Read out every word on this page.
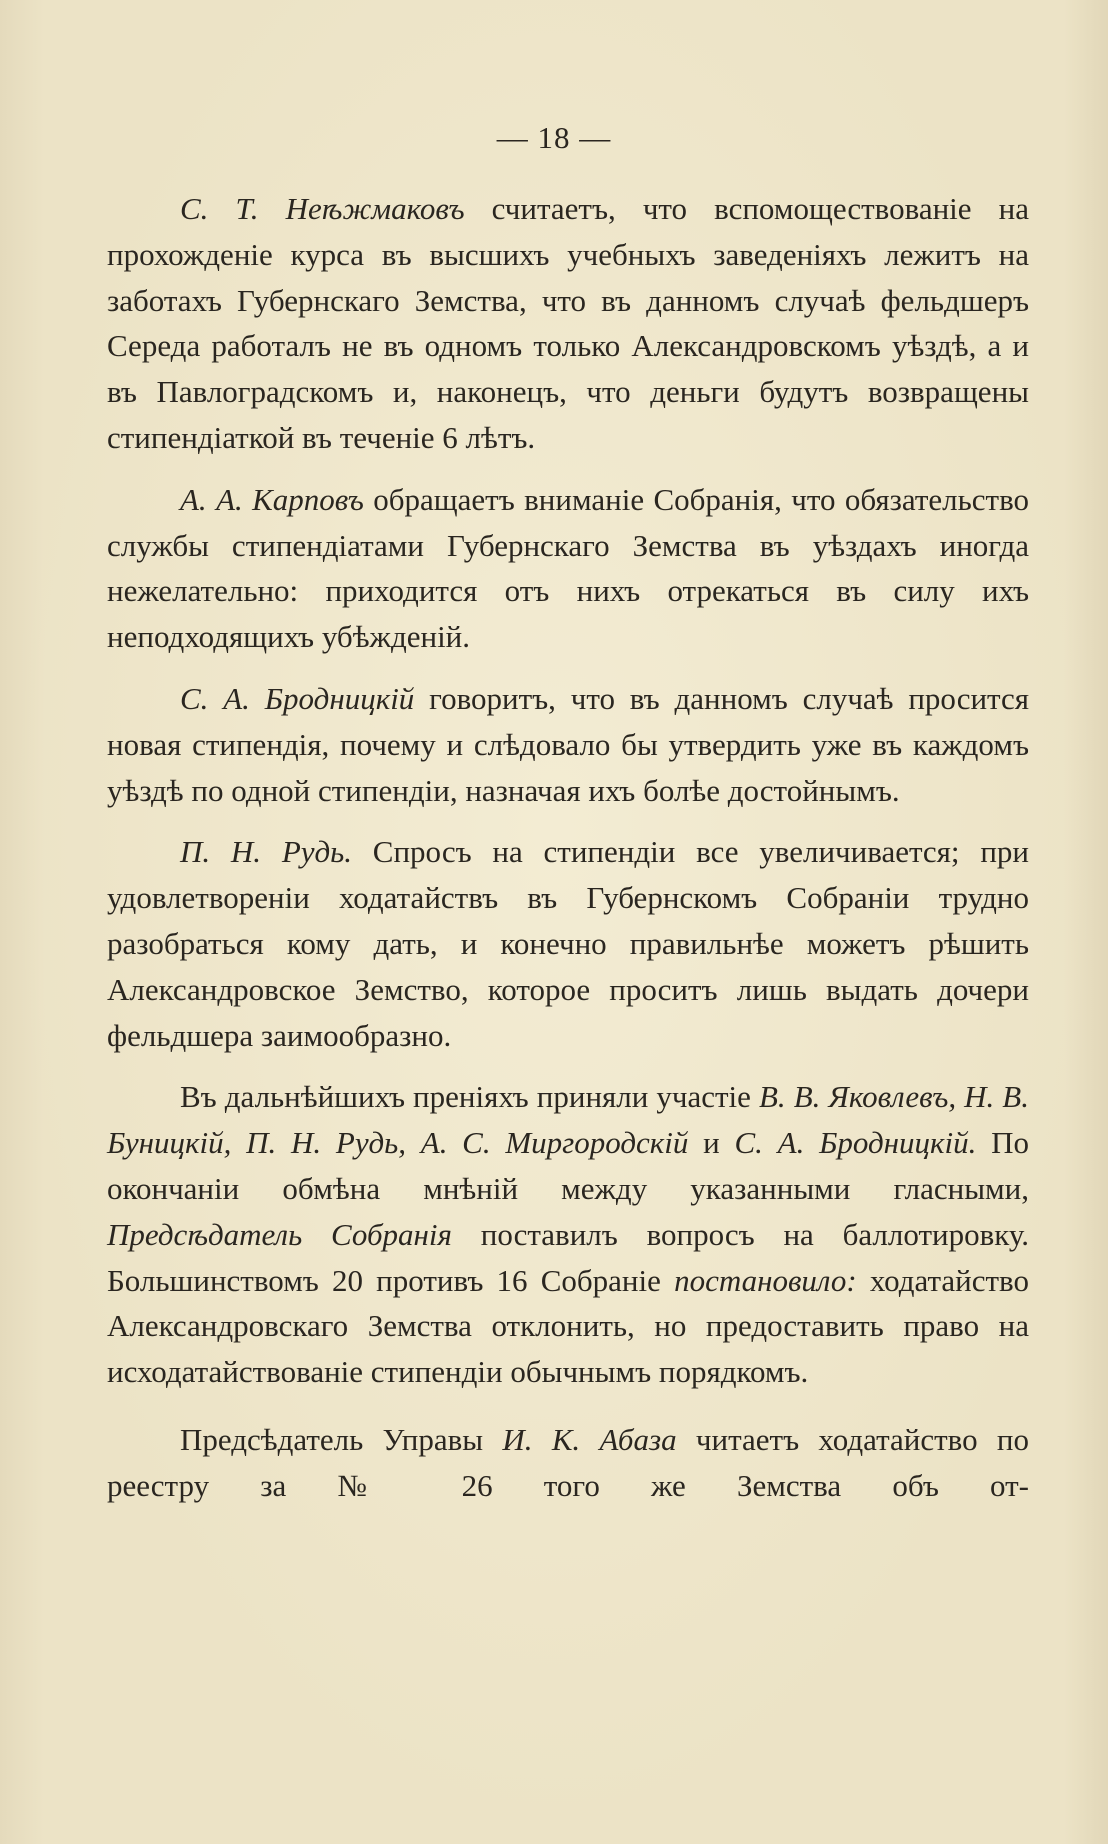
— 18 —

С. Т. Неѣжмаковъ считаетъ, что вспомоществованіе на прохожденіе курса въ высшихъ учебныхъ заведеніяхъ лежитъ на заботахъ Губернскаго Земства, что въ данномъ случаѣ фельдшеръ Середа работалъ не въ одномъ только Александровскомъ уѣздѣ, а и въ Павлоградскомъ и, наконецъ, что деньги будутъ возвращены стипендіаткой въ теченіе 6 лѣтъ.

А. А. Карповъ обращаетъ вниманіе Собранія, что обязательство службы стипендіатами Губернскаго Земства въ уѣздахъ иногда нежелательно: приходится отъ нихъ отрекаться въ силу ихъ неподходящихъ убѣжденій.

С. А. Бродницкій говоритъ, что въ данномъ случаѣ просится новая стипендія, почему и слѣдовало бы утвердить уже въ каждомъ уѣздѣ по одной стипендіи, назначая ихъ болѣе достойнымъ.

П. Н. Рудь. Спросъ на стипендіи все увеличивается; при удовлетвореніи ходатайствъ въ Губернскомъ Собраніи трудно разобраться кому дать, и конечно правильнѣе можетъ рѣшить Александровское Земство, которое проситъ лишь выдать дочери фельдшера заимообразно.

Въ дальнѣйшихъ преніяхъ приняли участіе В. В. Яковлевъ, Н. В. Буницкій, П. Н. Рудь, А. С. Миргородскій и С. А. Бродницкій. По окончаніи обмѣна мнѣній между указанными гласными, Предсѣдатель Собранія поставилъ вопросъ на баллотировку. Большинствомъ 20 противъ 16 Собраніе постановило: ходатайство Александровскаго Земства отклонить, но предоставить право на исходатайствованіе стипендіи обычнымъ порядкомъ.

Предсѣдатель Управы И. К. Абаза читаетъ ходатайство по реестру за № 26 того же Земства объ от-
